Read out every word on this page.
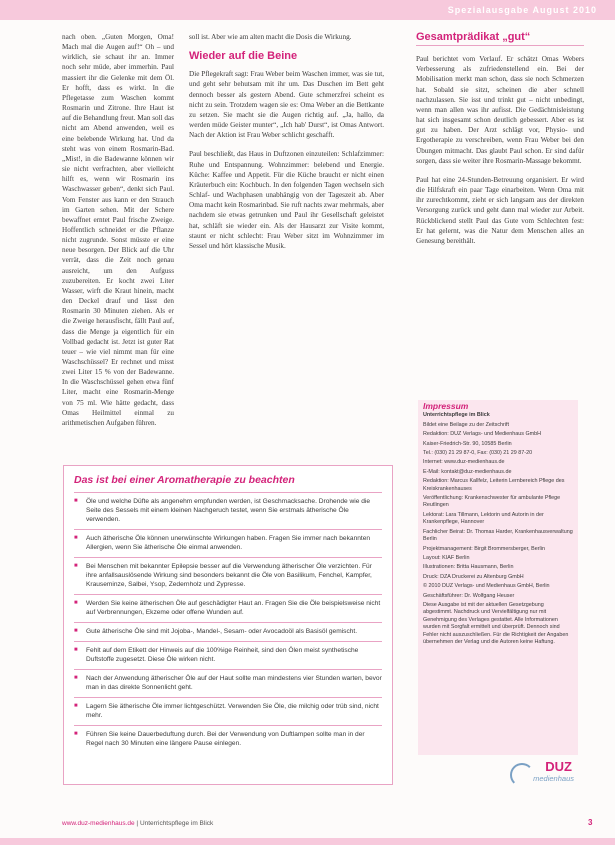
Spezialausgabe August 2010

nach oben. „Guten Morgen, Oma! Mach mal die Augen auf!“ Oh – und wirklich, sie schaut ihr an. Immer noch sehr müde, aber immerhin. Paul massiert ihr die Gelenke mit dem Öl. Er hofft, dass es wirkt. In die Pflegetasse zum Waschen kommt Rosmarin und Zitrone. Ihre Haut ist auf die Behandlung freut. Man soll das nicht am Abend anwenden, weil es eine belebende Wirkung hat. Und da steht was von einem Rosmarin-Bad. „Mist!, in die Badewanne können wir sie nicht verfrachten, aber vielleicht hilft es, wenn wir Rosmarin ins Waschwasser geben“, denkt sich Paul. Vom Fenster aus kann er den Strauch im Garten sehen. Mit der Schere bewaffnet erntet Paul frische Zweige. Hoffentlich schneidet er die Pflanze nicht zugrunde. Sonst müsste er eine neue besorgen. Der Blick auf die Uhr verrät, dass die Zeit noch genau ausreicht, um den Aufguss zuzubereiten. Er kocht zwei Liter Wasser, wirft die Kraut hinein, macht den Deckel drauf und lässt den Rosmarin 30 Minuten ziehen. Als er die Zweige herausfischt, fällt Paul auf, dass die Menge ja eigentlich für ein Vollbad gedacht ist. Jetzt ist guter Rat teuer – wie viel nimmt man für eine Waschschüssel? Er rechnet und misst zwei Liter 15 % von der Badewanne. In die Waschschüssel gehen etwa fünf Liter, macht eine Rosmarin-Menge von 75 ml. Wie hätte gedacht, dass Omas Heilmittel einmal zu arithmetischen Aufgaben führen.

soll ist. Aber wie am alten macht die Dosis die Wirkung.

Wieder auf die Beine

Die Pflegekraft sagt: Frau Weber beim Waschen immer, was sie tut, und geht sehr behutsam mit ihr um. Das Duschen im Bett geht dennoch besser als gestern Abend. Gute schmerzfrei scheint es nicht zu sein. Trotzdem wagen sie es: Oma Weber an die Bettkante zu setzen. Sie macht sie die Augen richtig auf. „Ja, hallo, da werden müde Geister munter“, „Ich hab' Durst“, ist Omas Antwort. Nach der Aktion ist Frau Weber schlicht geschafft.

Paul beschließt, das Haus in Duftzonen einzuteilen: Schlafzimmer: Ruhe und Entspannung. Wohnzimmer: belebend und Energie. Küche: Kaffee und Appetit. Für die Küche braucht er nicht einen Kräuterbuch ein: Kochbuch. In den folgenden Tagen wechseln sich Schlaf- und Wachphasen unabhängig von der Tageszeit ab. Aber Oma macht kein Rosmarinbad. Sie ruft nachts zwar mehrmals, aber nachdem sie etwas getrunken und Paul ihr Gesellschaft geleistet hat, schläft sie wieder ein. Als der Hausarzt zur Visite kommt, staunt er nicht schlecht: Frau Weber sitzt im Wohnzimmer im Sessel und hört klassische Musik.

Gesamtprädikat „gut“

Paul berichtet vom Verlauf. Er schätzt Omas Webers Verbesserung als zufriedenstellend ein. Bei der Mobilisation merkt man schon, dass sie noch Schmerzen hat. Sobald sie sitzt, scheinen die aber schnell nachzulassen. Sie isst und trinkt gut – nicht unbedingt, wenn man allen was ihr aufisst. Die Gedächtnisleistung hat sich insgesamt schon deutlich gebessert. Aber es ist gut zu haben. Der Arzt schlägt vor, Physio- und Ergotherapie zu verschreiben, wenn Frau Weber bei den Übungen mitmacht. Das glaubt Paul schon. Er sind dafür sorgen, dass sie weiter ihre Rosmarin-Massage bekommt.

Paul hat eine 24-Stunden-Betreuung organisiert. Er wird die Hilfskraft ein paar Tage einarbeiten. Wenn Oma mit ihr zurechtkommt, zieht er sich langsam aus der direkten Versorgung zurück und geht dann mal wieder zur Arbeit. Rückblickend stellt Paul das Gute vom Schlechten fest: Er hat gelernt, was die Natur dem Menschen alles an Genesung bereithält.

Das ist bei einer Aromatherapie zu beachten
■ Öle und welche Düfte als angenehm empfunden werden, ist Geschmacksache. Drohende wie die Seite des Sessels mit einem kleinen Nachgeruch testet, wenn Sie erstmals ätherische Öle verwenden.
■ Auch ätherische Öle können unerwünschte Wirkungen haben. Fragen Sie immer nach bekannten Allergien, wenn Sie ätherische Öle einmal anwenden.
■ Bei Menschen mit bekannter Epilepsie besser auf die Verwendung ätherischer Öle verzichten. Für ihre anfallsauslösende Wirkung sind besonders bekannt die Öle von Basilikum, Fenchel, Kampfer, Krauseminze, Salbei, Ysop, Zedernholz und Zypresse.
■ Werden Sie keine ätherischen Öle auf geschädigter Haut an. Fragen Sie die Öle beispielsweise nicht auf Verbrennungen, Ekzeme oder offene Wunden auf.
■ Gute ätherische Öle sind mit Jojoba-, Mandel-, Sesam- oder Avocadoöl als Basisöl gemischt.
■ Fehlt auf dem Etikett der Hinweis auf die 100%ige Reinheit, sind den Ölen meist synthetische Duftstoffe zugesetzt. Diese Öle wirken nicht.
■ Nach der Anwendung ätherischer Öle auf der Haut sollte man mindestens vier Stunden warten, bevor man in das direkte Sonnenlicht geht.
■ Lagern Sie ätherische Öle immer lichtgeschützt. Verwenden Sie Öle, die milchig oder trüb sind, nicht mehr.
■ Führen Sie keine Dauerbeduftung durch. Bei der Verwendung von Duftlampen sollte man in der Regel nach 30 Minuten eine längere Pause einlegen.
Impressum

Unterrichtspflege im Blick

Bildet eine Beilage zu der Zeitschrift

Redaktion: DUZ Verlags- und Medienhaus GmbH

Kaiser-Friedrich-Str. 90, 10585 Berlin

Tel.: (030) 21 29 87-0, Fax: (030) 21 29 87-20

Internet: www.duz-medienhaus.de

E-Mail: kontakt@duz-medienhaus.de

Redaktion: Marcus Kallfelz, Leiterin Lernbereich Pflege des Kreiskrankenhauses

Veröffentlichung: Krankenschwester für ambulante Pflege Reutlingen

Lektorat: Lara Tillmann, Lektorin und Autorin in der Krankenpflege, Hannover

Fachlicher Beirat: Dr. Thomas Harder, Krankenhausverwaltung Berlin

Projektmanagement: Birgit Brommersberger, Berlin

Layout: KIAF Berlin

Illustrationen: Britta Hausmann, Berlin

Druck: DZA Druckerei zu Altenburg GmbH

© 2010 DUZ Verlags- und Medienhaus GmbH, Berlin

Geschäftsführer: Dr. Wolfgang Heuser

Diese Ausgabe ist mit der aktuellen Gesetzgebung abgestimmt. Nachdruck und Vervielfältigung nur mit Genehmigung des Verlages gestattet. Alle Informationen wurden mit Sorgfalt ermittelt und überprüft. Dennoch sind Fehler nicht auszuschließen. Für die Richtigkeit der Angaben übernehmen der Verlag und die Autoren keine Haftung.

DUZ
medienhaus
www.duz-medienhaus.de | Unterrichtspflege im Blick	3
